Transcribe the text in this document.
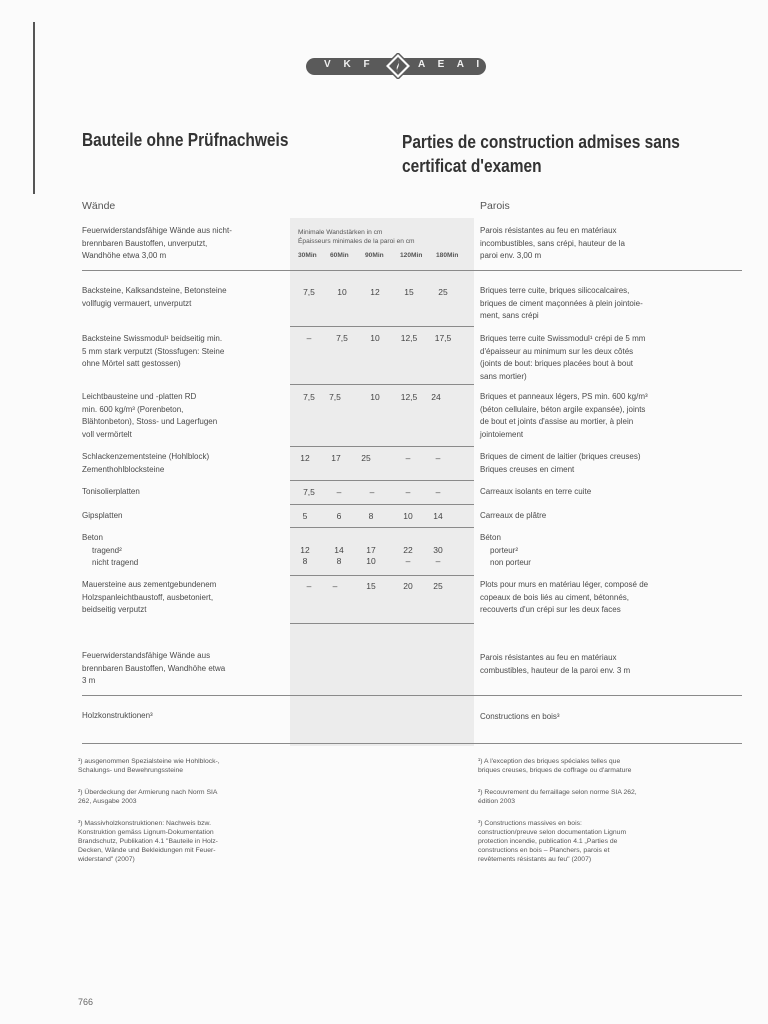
V K F	A E A I
Bauteile ohne Prüfnachweis	Parties de construction admises sans
certificat d'examen
Wände	Parois
Feuerwiderstandsfähige Wände aus nicht-
brennbaren Baustoffen, unverputzt,
Wandhöhe etwa 3,00 m
Parois résistantes au feu en matériaux
incombustibles, sans crépi, hauteur de la
paroi env. 3,00 m
Minimale Wandstärken in cm
Épaisseurs minimales de la paroi en cm
30Min 60Min 90Min 120Min 180Min
Backsteine, Kalksandsteine, Betonsteine
vollfugig vermauert, unverputzt
7,5	10	12	15	25	Briques terre cuite, briques silicocalcaires,
briques de ciment maçonnées à plein jointoie-
ment, sans crépi
Backsteine Swissmodul¹ beidseitig min.
5 mm stark verputzt (Stossfugen: Steine
ohne Mörtel satt gestossen)
–	7,5	10	12,5	17,5	Briques terre cuite Swissmodul¹ crépi de 5 mm
d'épaisseur au minimum sur les deux côtés
(joints de bout: briques placées bout à bout
sans mortier)
Leichtbausteine und -platten RD
min. 600 kg/m³ (Porenbeton,
Blähtonbeton), Stoss- und Lagerfugen
voll vermörtelt
7,5	7,5	10	12,5	24	Briques et panneaux légers, PS min. 600 kg/m³
(béton cellulaire, béton argile expansée), joints
de bout et joints d'assise au mortier, à plein
jointoiement
Schlackenzementsteine (Hohlblock)
Zementhohlblocksteine
12	17	25	–	–	Briques de ciment de laitier (briques creuses)
Briques creuses en ciment
Tonisolierplatten	7,5	–	–	–	–	Carreaux isolants en terre cuite
Gipsplatten	5	6	8	10	14	Carreaux de plâtre
Beton
tragend²
nicht tragend
12	14	17	22	30
8	8	10	–	–
Béton
porteur²
non porteur
Mauersteine aus zementgebundenem
Holzspanleichtbaustoff, ausbetoniert,
beidseitig verputzt
–	–	15	20	25	Plots pour murs en matériau léger, composé de
copeaux de bois liés au ciment, bétonnés,
recouverts d'un crépi sur les deux faces
Feuerwiderstandsfähige Wände aus
brennbaren Baustoffen, Wandhöhe etwa
3 m
Parois résistantes au feu en matériaux
combustibles, hauteur de la paroi env. 3 m
Holzkonstruktionen³	Constructions en bois³
¹) ausgenommen Spezialsteine wie Hohlblock-,
Schalungs- und Bewehrungssteine
²) Überdeckung der Armierung nach Norm SIA
262, Ausgabe 2003
³) Massivholzkonstruktionen: Nachweis bzw.
Konstruktion gemäss Lignum-Dokumentation
Brandschutz, Publikation 4.1 "Bauteile in Holz-
Decken, Wände und Bekleidungen mit Feuer-
widerstand" (2007)
¹) A l'exception des briques spéciales telles que
briques creuses, briques de coffrage ou d'armature
²) Recouvrement du ferraillage selon norme SIA 262,
édition 2003
³) Constructions massives en bois:
construction/preuve selon documentation Lignum
protection incendie, publication 4.1 „Parties de
constructions en bois – Planchers, parois et
revêtements résistants au feu" (2007)
766
